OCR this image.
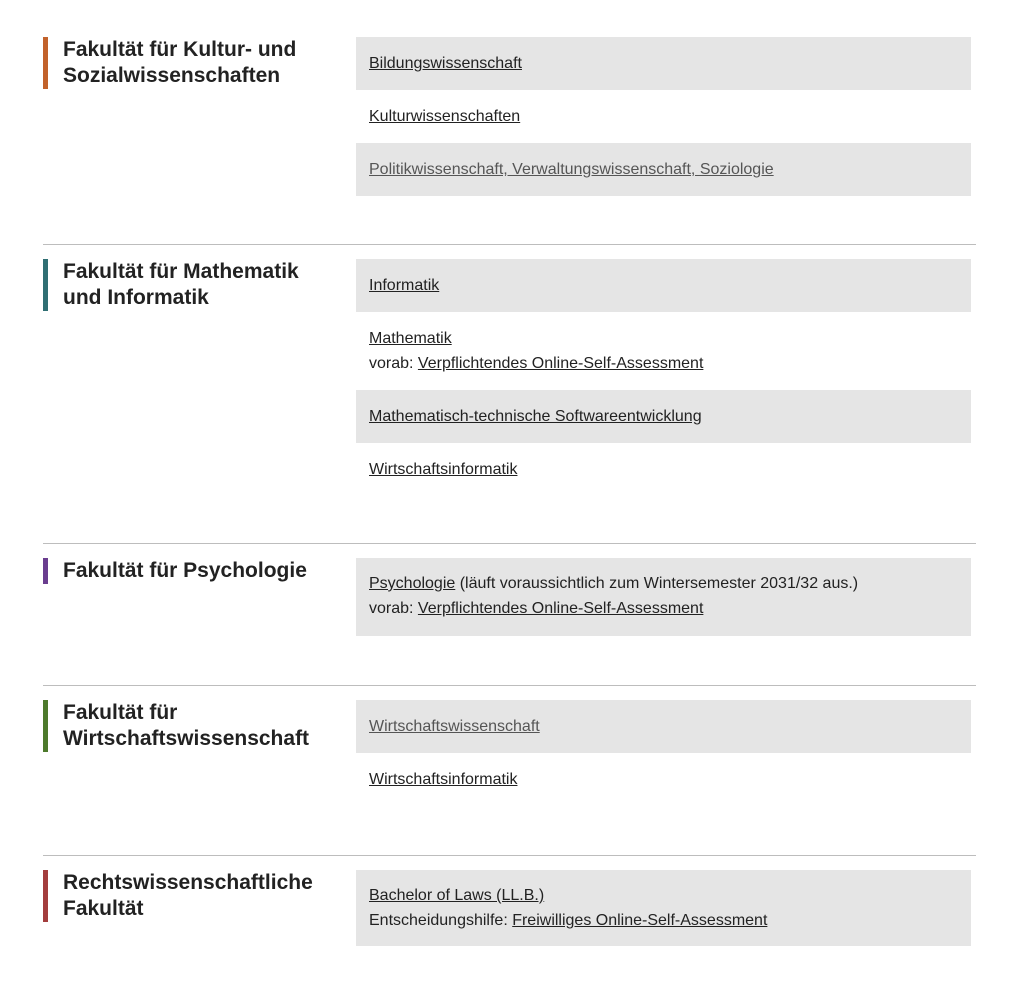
Fakultät für Kultur- und Sozialwissenschaften
Bildungswissenschaft
Kulturwissenschaften
Politikwissenschaft, Verwaltungswissenschaft, Soziologie
Fakultät für Mathematik und Informatik
Informatik
Mathematik
vorab: Verpflichtendes Online-Self-Assessment
Mathematisch-technische Softwareentwicklung
Wirtschaftsinformatik
Fakultät für Psychologie
Psychologie (läuft voraussichtlich zum Wintersemester 2031/32 aus.)
vorab: Verpflichtendes Online-Self-Assessment
Fakultät für Wirtschaftswissenschaft
Wirtschaftswissenschaft
Wirtschaftsinformatik
Rechtswissenschaftliche Fakultät
Bachelor of Laws (LL.B.)
Entscheidungshilfe: Freiwilliges Online-Self-Assessment
